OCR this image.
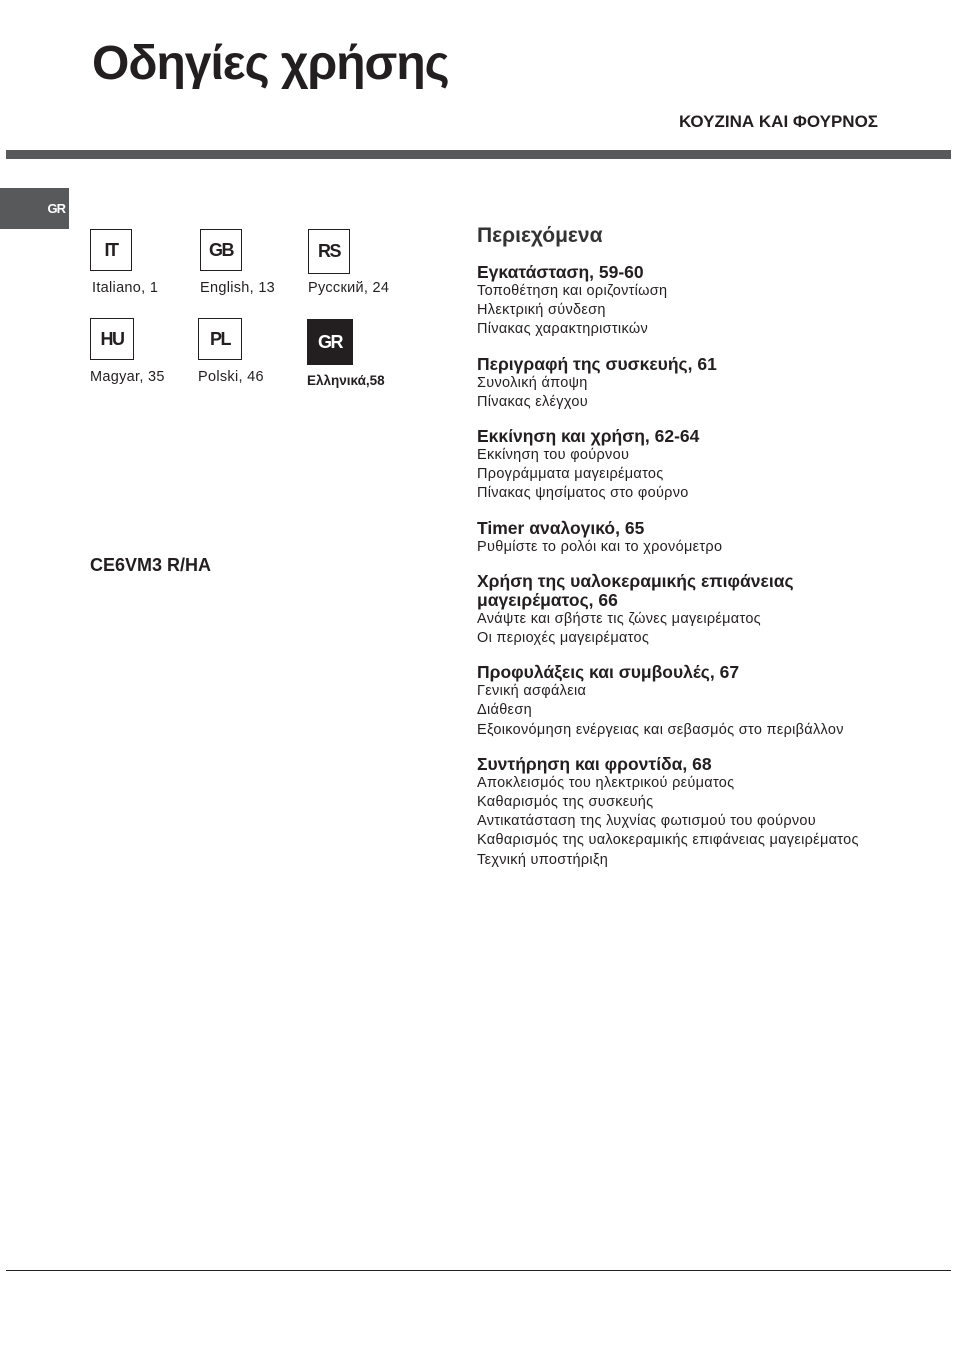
Οδηγίες χρήσης
ΚΟΥΖΙΝΑ ΚΑΙ ΦΟΥΡΝΟΣ
GR
IT
Italiano, 1
GB
English, 13
RS
Русский, 24
HU
Magyar, 35
PL
Polski, 46
GR
Ελληνικά,58
CE6VM3 R/HA
Περιεχόμενα
Εγκατάσταση, 59-60
Τοποθέτηση και οριζοντίωση
Ηλεκτρική σύνδεση
Πίνακας χαρακτηριστικών
Περιγραφή της συσκευής, 61
Συνολική άποψη
Πίνακας ελέγχου
Εκκίνηση και χρήση, 62-64
Εκκίνηση του φούρνου
Προγράμματα μαγειρέματος
Πίνακας ψησίματος στο φούρνο
Timer αναλογικό, 65
Ρυθμίστε το ρολόι και το χρονόμετρο
Χρήση της υαλοκεραμικής επιφάνειας μαγειρέματος, 66
Ανάψτε και σβήστε τις ζώνες μαγειρέματος
Οι περιοχές μαγειρέματος
Προφυλάξεις και συμβουλές, 67
Γενική ασφάλεια
Διάθεση
Εξοικονόμηση ενέργειας και σεβασμός στο περιβάλλον
Συντήρηση και φροντίδα, 68
Αποκλεισμός του ηλεκτρικού ρεύματος
Καθαρισμός της συσκευής
Αντικατάσταση της λυχνίας φωτισμού του φούρνου
Καθαρισμός της υαλοκεραμικής επιφάνειας μαγειρέματος
Τεχνική υποστήριξη
